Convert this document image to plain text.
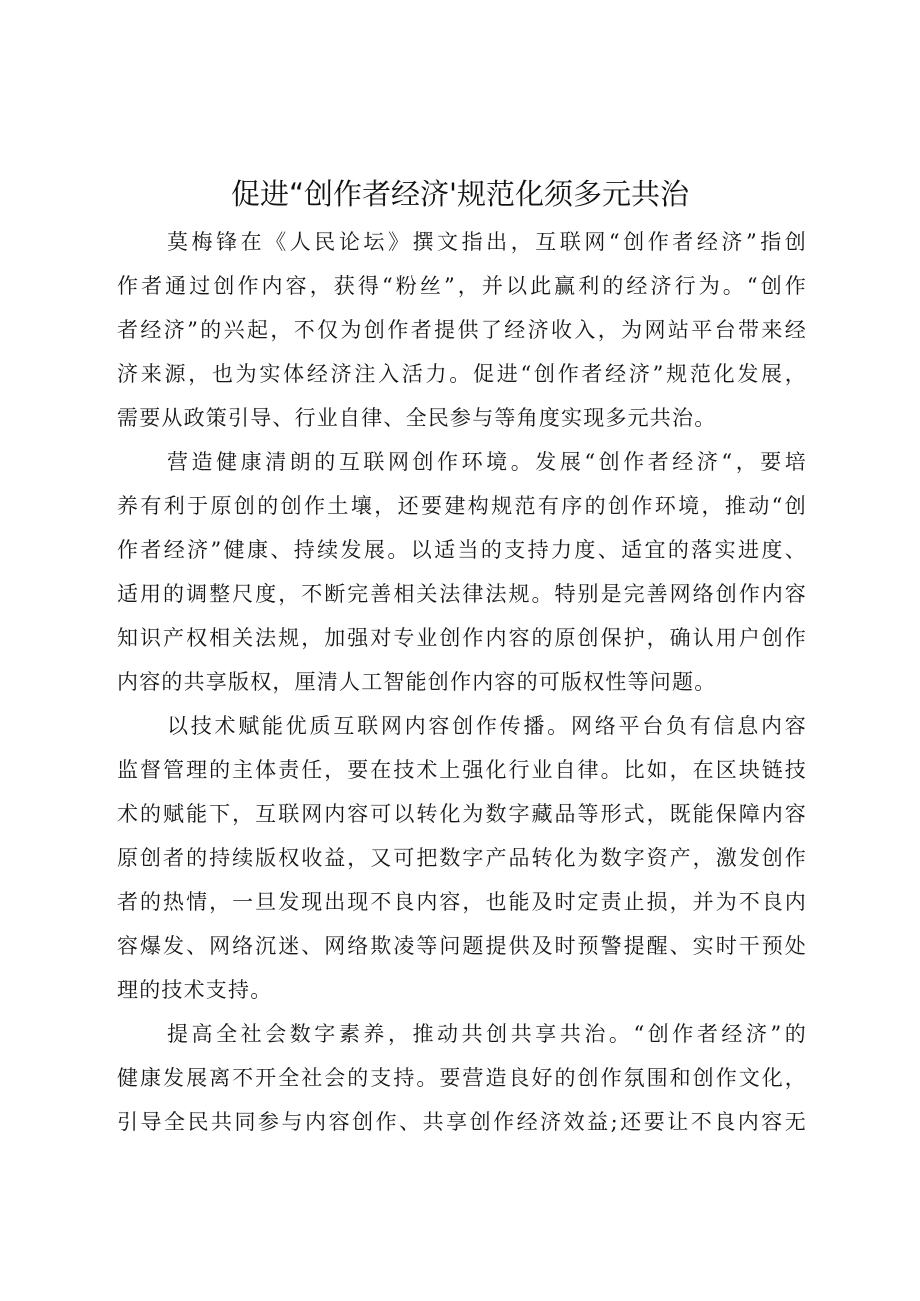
促进“创作者经济'规范化须多元共治
莫梅锋在《人民论坛》撰文指出，互联网“创作者经济”指创
作者通过创作内容，获得“粉丝”，并以此赢利的经济行为。“创作
者经济”的兴起，不仅为创作者提供了经济收入，为网站平台带来经
济来源，也为实体经济注入活力。促进“创作者经济”规范化发展，
需要从政策引导、行业自律、全民参与等角度实现多元共治。
营造健康清朗的互联网创作环境。发展“创作者经济“，要培
养有利于原创的创作土壤，还要建构规范有序的创作环境，推动“创
作者经济”健康、持续发展。以适当的支持力度、适宜的落实进度、
适用的调整尺度，不断完善相关法律法规。特别是完善网络创作内容
知识产权相关法规，加强对专业创作内容的原创保护，确认用户创作
内容的共享版权，厘清人工智能创作内容的可版权性等问题。
以技术赋能优质互联网内容创作传播。网络平台负有信息内容
监督管理的主体责任，要在技术上强化行业自律。比如，在区块链技
术的赋能下，互联网内容可以转化为数字藏品等形式，既能保障内容
原创者的持续版权收益，又可把数字产品转化为数字资产，激发创作
者的热情，一旦发现出现不良内容，也能及时定责止损，并为不良内
容爆发、网络沉迷、网络欺凌等问题提供及时预警提醒、实时干预处
理的技术支持。
提高全社会数字素养，推动共创共享共治。“创作者经济”的
健康发展离不开全社会的支持。要营造良好的创作氛围和创作文化，
引导全民共同参与内容创作、共享创作经济效益;还要让不良内容无
